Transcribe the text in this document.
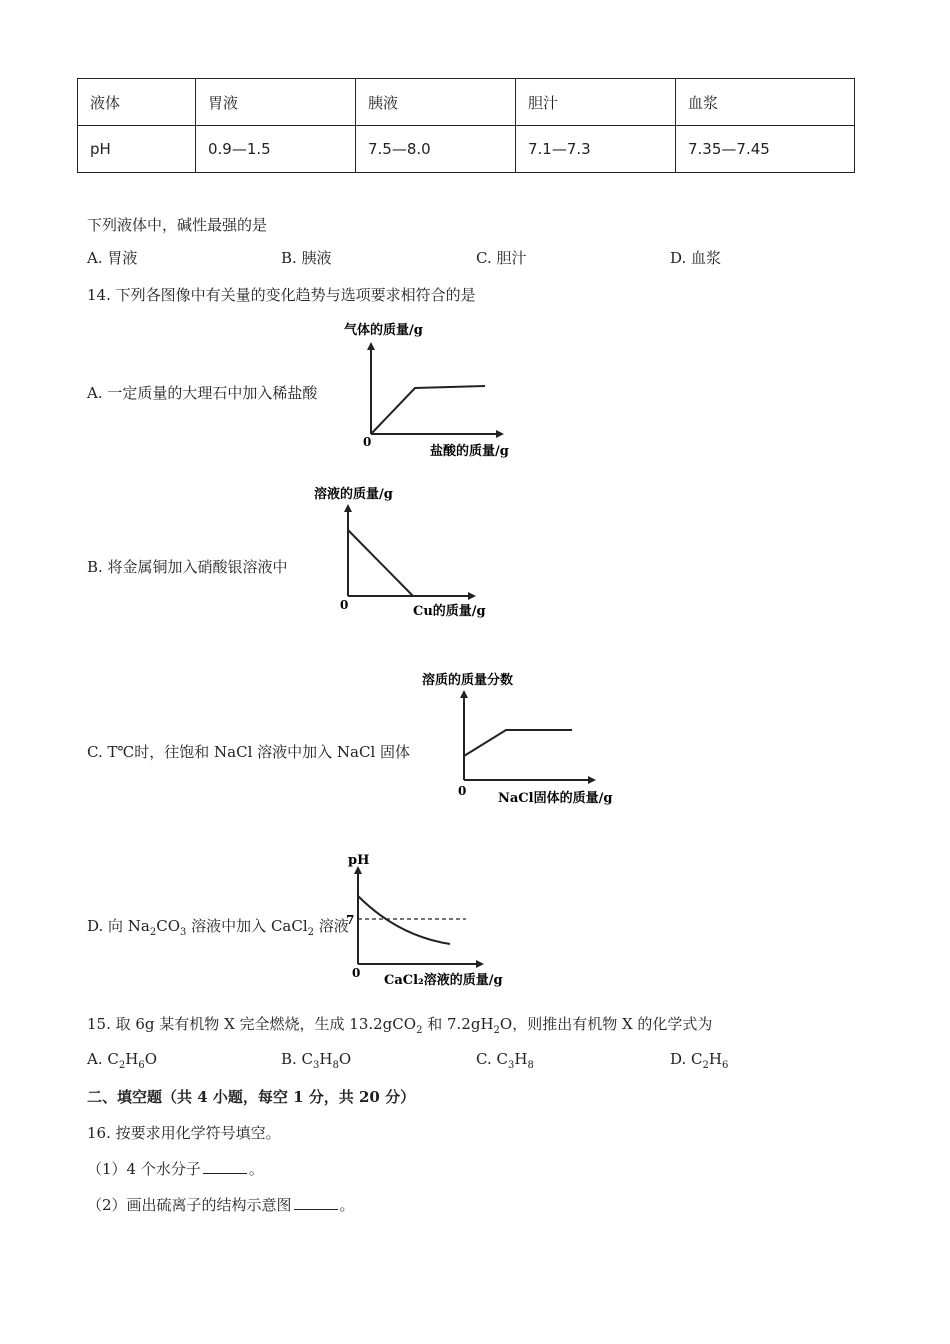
液体	胃液	胰液	胆汁	血浆
pH	0.9—1.5	7.5—8.0	7.1—7.3	7.35—7.45
下列液体中，碱性最强的是
A. 胃液	B. 胰液	C. 胆汁	D. 血浆
14. 下列各图像中有关量的变化趋势与选项要求相符合的是
A. 一定质量的大理石中加入稀盐酸
气体的质量/g
0
盐酸的质量/g
B. 将金属铜加入硝酸银溶液中
溶液的质量/g
0	Cu的质量/g
C. T℃时，往饱和 NaCl 溶液中加入 NaCl 固体
溶质的质量分数
0 NaCl固体的质量/g
D. 向 $Na_2CO_3$ 溶液中加入 CaCl$_2$ 溶液
pH
7
0 CaCl₂溶液的质量/g
15. 取 6g 某有机物 X 完全燃烧，生成 13.2gCO$_2$ 和 $7.2gH_2O$，则推出有机物 X 的化学式为
A. $C_2H_6O$	B. $C_3H_8O$	C. $C_3H_8$	D. $C_2H_6$
二、填空题（共 4 小题，每空 1 分，共 20 分）
16. 按要求用化学符号填空。
（1）4 个水分子	。
（2）画出硫离子的结构示意图	。
